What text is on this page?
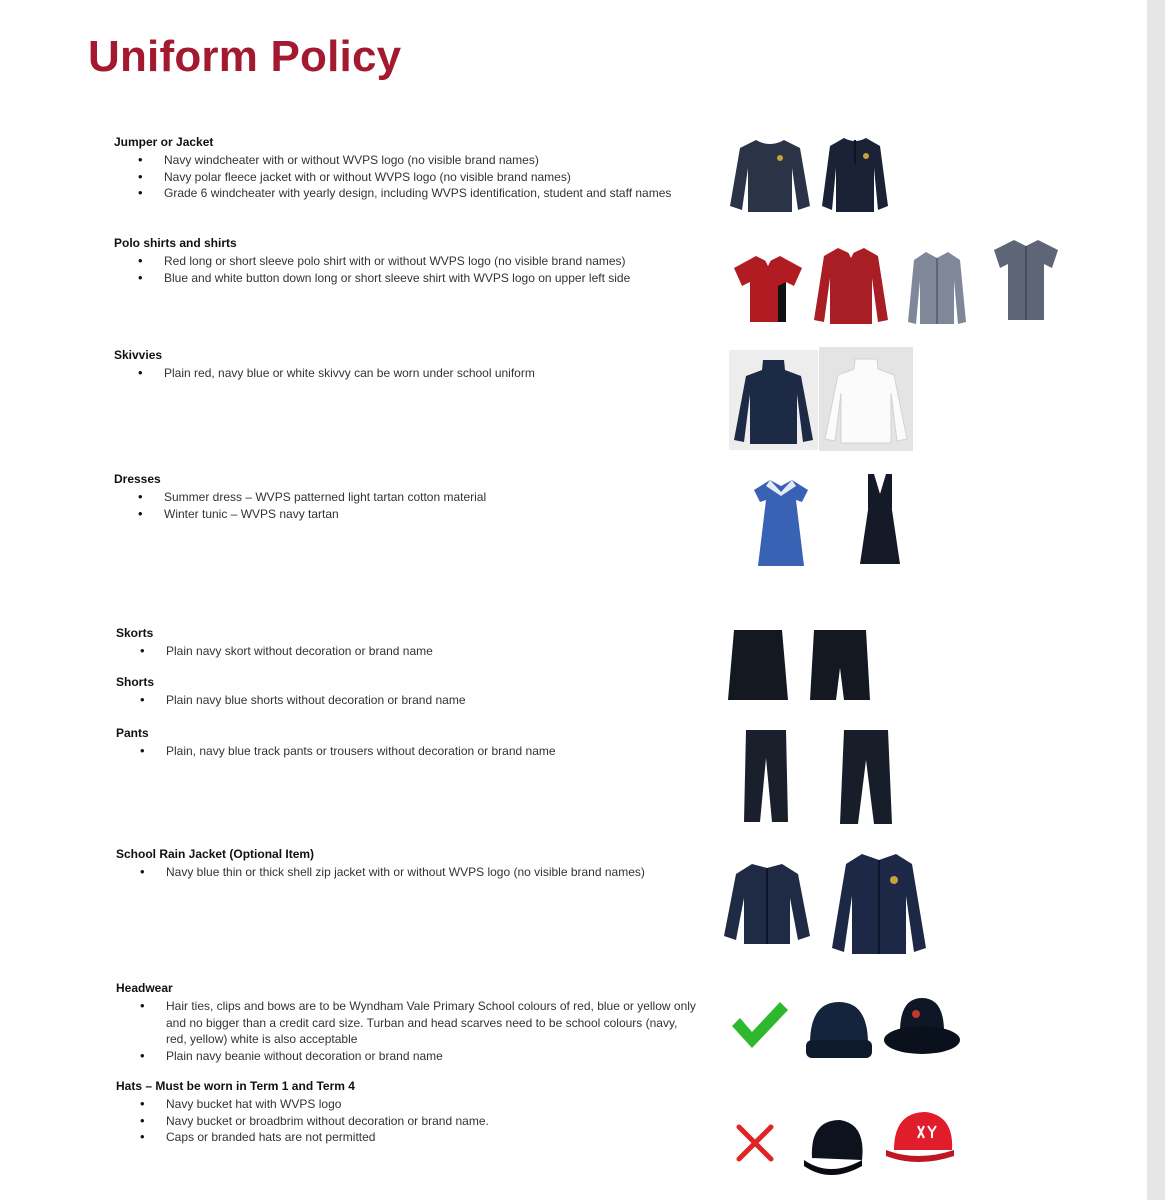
Uniform Policy
Jumper or Jacket
• Navy windcheater with or without WVPS logo (no visible brand names)
• Navy polar fleece jacket with or without WVPS logo (no visible brand names)
• Grade 6 windcheater with yearly design, including WVPS identification, student and staff names
Polo shirts and shirts
• Red long or short sleeve polo shirt with or without WVPS logo (no visible brand names)
• Blue and white button down long or short sleeve shirt with WVPS logo on upper left side
Skivvies
• Plain red, navy blue or white skivvy can be worn under school uniform
Dresses
• Summer dress – WVPS patterned light tartan cotton material
• Winter tunic – WVPS navy tartan
Skorts
• Plain navy skort without decoration or brand name
Shorts
• Plain navy blue shorts without decoration or brand name
Pants
• Plain, navy blue track pants or trousers without decoration or brand name
School Rain Jacket (Optional Item)
• Navy blue thin or thick shell zip jacket with or without WVPS logo (no visible brand names)
Headwear
• Hair ties, clips and bows are to be Wyndham Vale Primary School colours of red, blue or yellow only and no bigger than a credit card size. Turban and head scarves need to be school colours (navy, red, yellow) white is also acceptable
• Plain navy beanie without decoration or brand name
Hats – Must be worn in Term 1 and Term 4
• Navy bucket hat with WVPS logo
• Navy bucket or broadbrim without decoration or brand name.
• Caps or branded hats are not permitted
